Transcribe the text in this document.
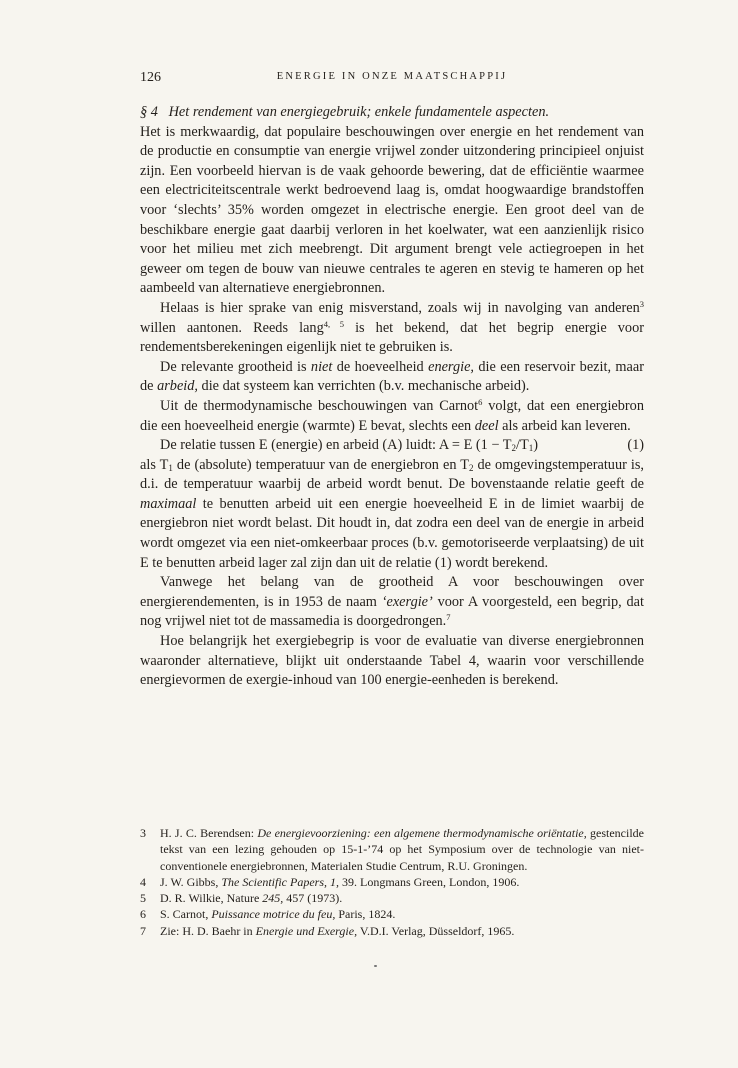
126	ENERGIE IN ONZE MAATSCHAPPIJ

§ 4 Het rendement van energiegebruik; enkele fundamentele aspecten.

Het is merkwaardig, dat populaire beschouwingen over energie en het rendement van de productie en consumptie van energie vrijwel zonder uitzondering principieel onjuist zijn. Een voorbeeld hiervan is de vaak gehoorde bewering, dat de efficiëntie waarmee een electriciteitscentrale werkt bedroevend laag is, omdat hoogwaardige brandstoffen voor ‘slechts’ 35% worden omgezet in electrische energie. Een groot deel van de beschikbare energie gaat daarbij verloren in het koelwater, wat een aanzienlijk risico voor het milieu met zich meebrengt. Dit argument brengt vele actiegroepen in het geweer om tegen de bouw van nieuwe centrales te ageren en stevig te hameren op het aambeeld van alternatieve energiebronnen.

Helaas is hier sprake van enig misverstand, zoals wij in navolging van anderen$^3$ willen aantonen. Reeds lang$^{4, 5}$ is het bekend, dat het begrip energie voor rendementsberekeningen eigenlijk niet te gebruiken is.

De relevante grootheid is niet de hoeveelheid energie, die een reservoir bezit, maar de arbeid, die dat systeem kan verrichten (b.v. mechanische arbeid).

Uit de thermodynamische beschouwingen van Carnot$^6$ volgt, dat een energiebron die een hoeveelheid energie (warmte) E bevat, slechts een deel als arbeid kan leveren.

De relatie tussen E (energie) en arbeid (A) luidt: A = E $(1 - T_2/T_1)$	(1)

als $T_1$ de (absolute) temperatuur van de energiebron en $T_2$ de omgevingstemperatuur is, d.i. de temperatuur waarbij de arbeid wordt benut. De bovenstaande relatie geeft de maximaal te benutten arbeid uit een energie hoeveelheid E in de limiet waarbij de energiebron niet wordt belast. Dit houdt in, dat zodra een deel van de energie in arbeid wordt omgezet via een niet-omkeerbaar proces (b.v. gemotoriseerde verplaatsing) de uit E te benutten arbeid lager zal zijn dan uit de relatie (1) wordt berekend.

Vanwege het belang van de grootheid A voor beschouwingen over energierendementen, is in 1953 de naam ‘exergie’ voor A voorgesteld, een begrip, dat nog vrijwel niet tot de massamedia is doorgedrongen.$^7$

Hoe belangrijk het exergiebegrip is voor de evaluatie van diverse energiebronnen waaronder alternatieve, blijkt uit onderstaande Tabel 4, waarin voor verschillende energievormen de exergie-inhoud van 100 energie-eenheden is berekend.

3	H. J. C. Berendsen: De energievoorziening: een algemene thermodynamische oriëntatie, gestencilde tekst van een lezing gehouden op 15-1-’74 op het Symposium over de technologie van niet-conventionele energiebronnen, Materialen Studie Centrum, R.U. Groningen.
4	J. W. Gibbs, The Scientific Papers, 1, 39. Longmans Green, London, 1906.
5	D. R. Wilkie, Nature 245, 457 (1973).
6	S. Carnot, Puissance motrice du feu, Paris, 1824.
7	Zie: H. D. Baehr in Energie und Exergie, V.D.I. Verlag, Düsseldorf, 1965.
